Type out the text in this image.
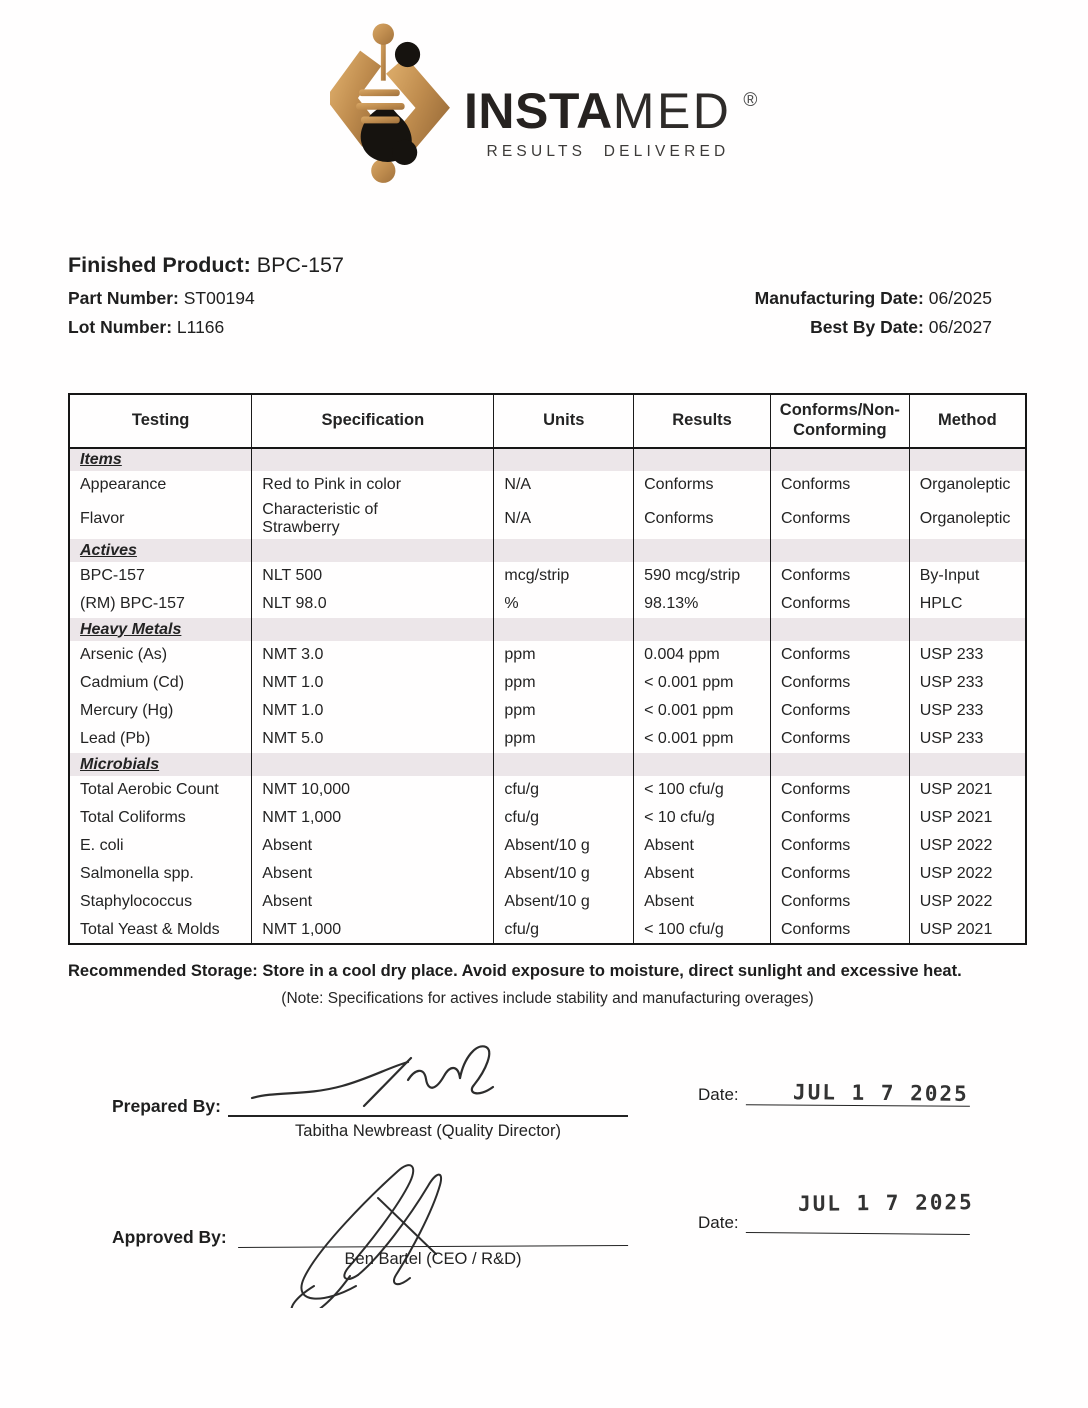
INSTAMED ®
RESULTS DELIVERED
Finished Product: BPC-157
Part Number: ST00194
Lot Number: L1166
Manufacturing Date: 06/2025
Best By Date: 06/2027
Testing	Specification	Units	Results	Conforms/Non-Conforming	Method
Items					
Appearance	Red to Pink in color	N/A	Conforms	Conforms	Organoleptic
Flavor	Characteristic of Strawberry	N/A	Conforms	Conforms	Organoleptic
Actives					
BPC-157	NLT 500	mcg/strip	590 mcg/strip	Conforms	By-Input
(RM) BPC-157	NLT 98.0	%	98.13%	Conforms	HPLC
Heavy Metals					
Arsenic (As)	NMT 3.0	ppm	0.004 ppm	Conforms	USP 233
Cadmium (Cd)	NMT 1.0	ppm	< 0.001 ppm	Conforms	USP 233
Mercury (Hg)	NMT 1.0	ppm	< 0.001 ppm	Conforms	USP 233
Lead (Pb)	NMT 5.0	ppm	< 0.001 ppm	Conforms	USP 233
Microbials					
Total Aerobic Count	NMT 10,000	cfu/g	< 100 cfu/g	Conforms	USP 2021
Total Coliforms	NMT 1,000	cfu/g	< 10 cfu/g	Conforms	USP 2021
E. coli	Absent	Absent/10 g	Absent	Conforms	USP 2022
Salmonella spp.	Absent	Absent/10 g	Absent	Conforms	USP 2022
Staphylococcus	Absent	Absent/10 g	Absent	Conforms	USP 2022
Total Yeast & Molds	NMT 1,000	cfu/g	< 100 cfu/g	Conforms	USP 2021
Recommended Storage: Store in a cool dry place. Avoid exposure to moisture, direct sunlight and excessive heat.
(Note: Specifications for actives include stability and manufacturing overages)
Prepared By:
Tabitha Newbreast (Quality Director)
Date:	JUL 1 7 2025
Approved By:
Ben Bartel (CEO / R&D)
Date:
JUL 1 7 2025
